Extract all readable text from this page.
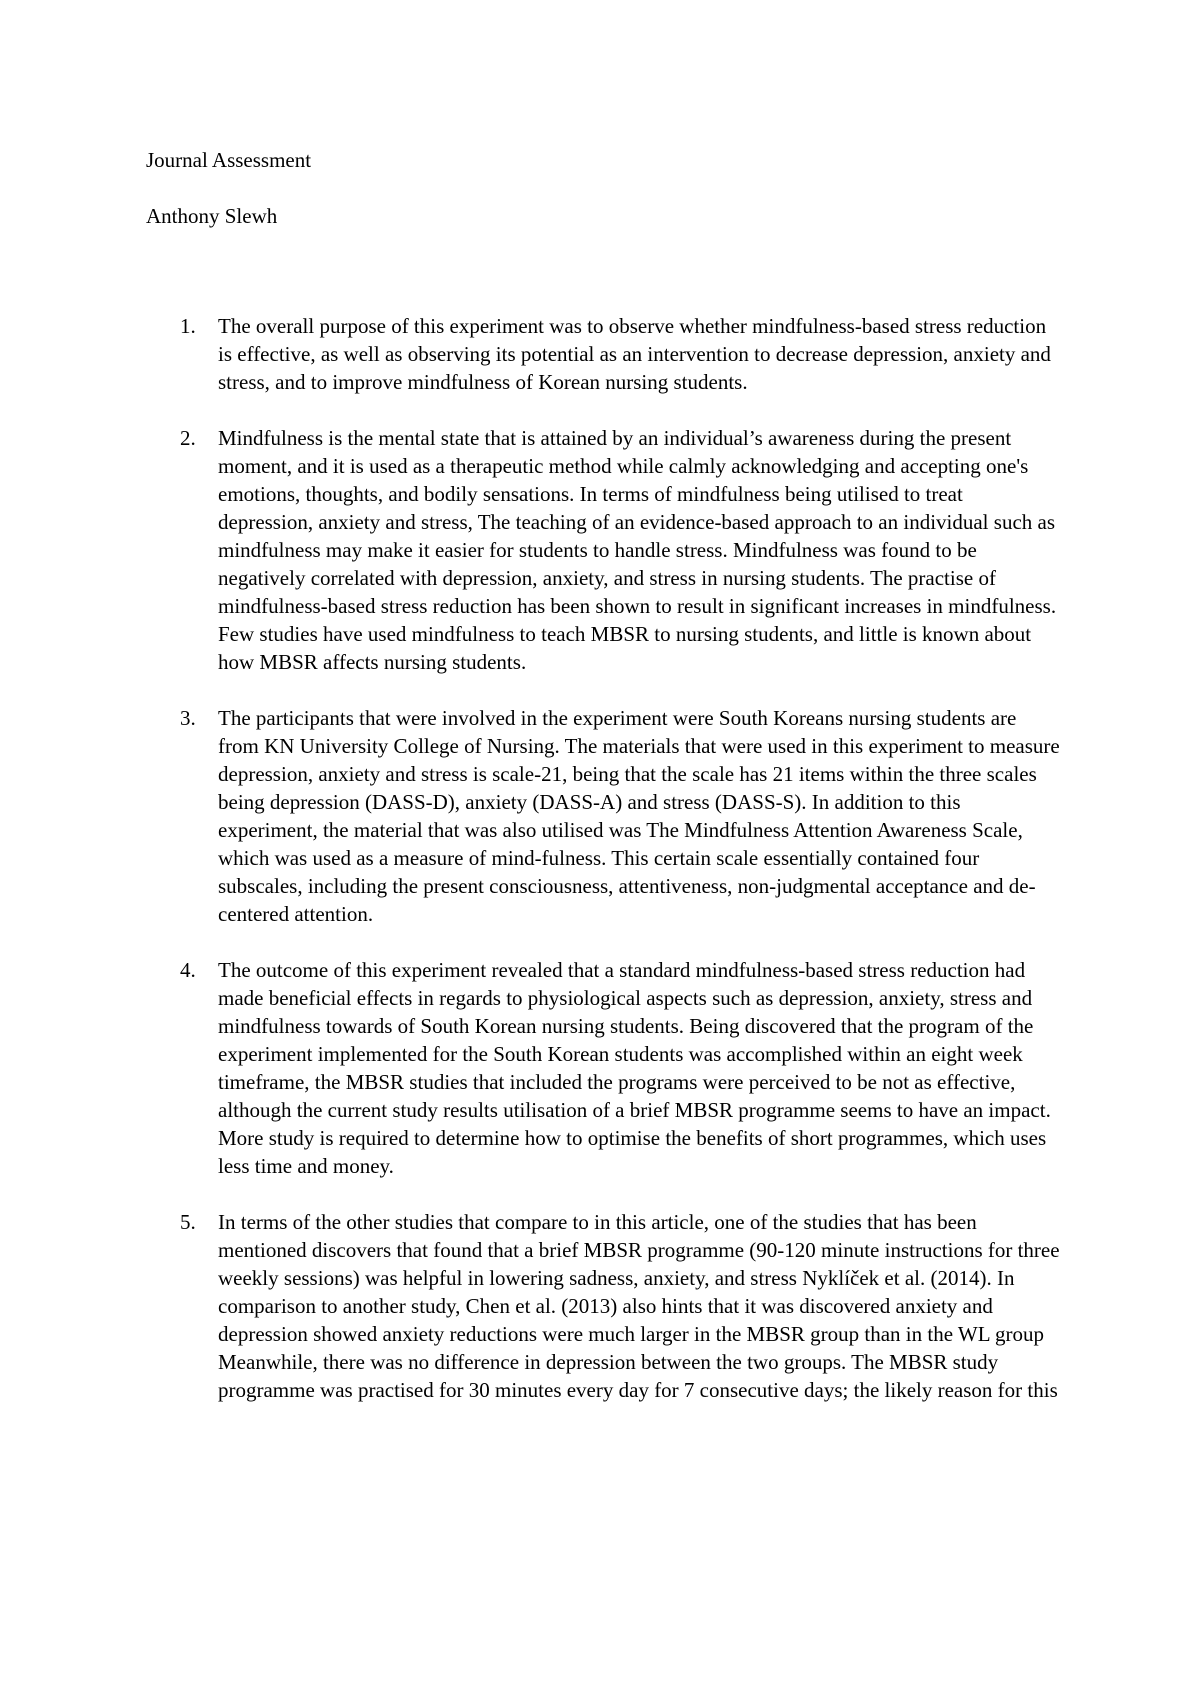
Journal Assessment

Anthony Slewh

1.	The overall purpose of this experiment was to observe whether mindfulness-based stress reduction is effective, as well as observing its potential as an intervention to decrease depression, anxiety and stress, and to improve mindfulness of Korean nursing students.

2.	Mindfulness is the mental state that is attained by an individual’s awareness during the present moment, and it is used as a therapeutic method while calmly acknowledging and accepting one's emotions, thoughts, and bodily sensations. In terms of mindfulness being utilised to treat depression, anxiety and stress, The teaching of an evidence-based approach to an individual such as mindfulness may make it easier for students to handle stress. Mindfulness was found to be negatively correlated with depression, anxiety, and stress in nursing students. The practise of mindfulness-based stress reduction has been shown to result in significant increases in mindfulness. Few studies have used mindfulness to teach MBSR to nursing students, and little is known about how MBSR affects nursing students.

3.	The participants that were involved in the experiment were South Koreans nursing students are from KN University College of Nursing. The materials that were used in this experiment to measure depression, anxiety and stress is scale-21, being that the scale has 21 items within the three scales being depression (DASS-D), anxiety (DASS-A) and stress (DASS-S). In addition to this experiment, the material that was also utilised was The Mindfulness Attention Awareness Scale, which was used as a measure of mind-fulness. This certain scale essentially contained four subscales, including the present consciousness, attentiveness, non-judgmental acceptance and de-centered attention.

4.	The outcome of this experiment revealed that a standard mindfulness-based stress reduction had made beneficial effects in regards to physiological aspects such as depression, anxiety, stress and mindfulness towards of South Korean nursing students. Being discovered that the program of the experiment implemented for the South Korean students was accomplished within an eight week timeframe, the MBSR studies that included the programs were perceived to be not as effective, although the current study results utilisation of a brief MBSR programme seems to have an impact. More study is required to determine how to optimise the benefits of short programmes, which uses less time and money.

5.	In terms of the other studies that compare to in this article, one of the studies that has been mentioned discovers that found that a brief MBSR programme (90-120 minute instructions for three weekly sessions) was helpful in lowering sadness, anxiety, and stress Nyklíček et al. (2014). In comparison to another study, Chen et al. (2013) also hints that it was discovered anxiety and depression showed anxiety reductions were much larger in the MBSR group than in the WL group Meanwhile, there was no difference in depression between the two groups. The MBSR study programme was practised for 30 minutes every day for 7 consecutive days; the likely reason for this
